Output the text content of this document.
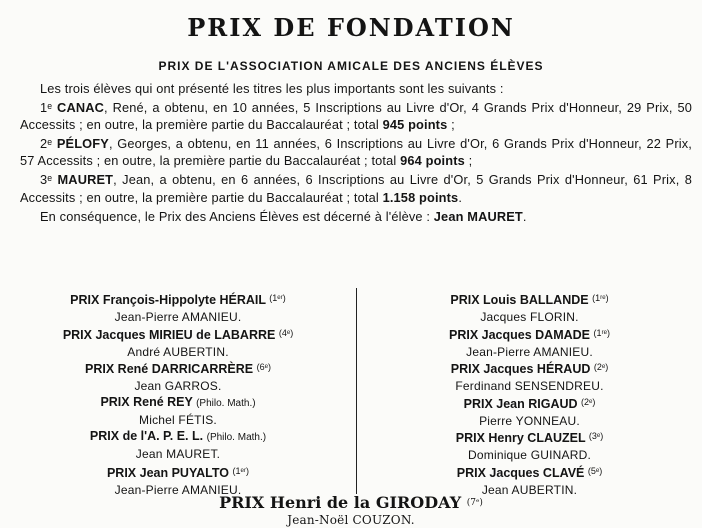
PRIX DE FONDATION
PRIX DE L'ASSOCIATION AMICALE DES ANCIENS ÉLÈVES

Les trois élèves qui ont présenté les titres les plus importants sont les suivants :

1ᵉ CANAC, René, a obtenu, en 10 années, 5 Inscriptions au Livre d'Or, 4 Grands Prix d'Honneur, 29 Prix, 50 Accessits ; en outre, la première partie du Baccalauréat ; total 945 points ;

2ᵉ PÉLOFY, Georges, a obtenu, en 11 années, 6 Inscriptions au Livre d'Or, 6 Grands Prix d'Honneur, 22 Prix, 57 Accessits ; en outre, la première partie du Baccalauréat ; total 964 points ;

3ᵉ MAURET, Jean, a obtenu, en 6 années, 6 Inscriptions au Livre d'Or, 5 Grands Prix d'Honneur, 61 Prix, 8 Accessits ; en outre, la première partie du Baccalauréat ; total 1.158 points.

En conséquence, le Prix des Anciens Élèves est décerné à l'élève : Jean MAURET.

PRIX François-Hippolyte HÉRAIL $^{(1ᵉʳ)}$
Jean-Pierre AMANIEU.
PRIX Jacques MIRIEU de LABARRE $^{(4ᵉ)}$
André AUBERTIN.
PRIX René DARRICARRÈRE $^{(6ᵉ)}$
Jean GARROS.
PRIX René REY (Philo. Math.)
Michel FÉTIS.
PRIX de l'A. P. E. L. (Philo. Math.)
Jean MAURET.
PRIX Jean PUYALTO $^{(1ᵉʳ)}$
Jean-Pierre AMANIEU.
PRIX Louis BALLANDE $^{(1ʳᵉ)}$
Jacques FLORIN.
PRIX Jacques DAMADE $^{(1ʳᵉ)}$
Jean-Pierre AMANIEU.
PRIX Jacques HÉRAUD $^{(2ᵉ)}$
Ferdinand SENSENDREU.
PRIX Jean RIGAUD $^{(2ᵉ)}$
Pierre YONNEAU.
PRIX Henry CLAUZEL $^{(3ᵉ)}$
Dominique GUINARD.
PRIX Jacques CLAVÉ $^{(5ᵉ)}$
Jean AUBERTIN.
PRIX Henri de la GIRODAY $^{(7ᵉ)}$
Jean-Noël COUZON.
